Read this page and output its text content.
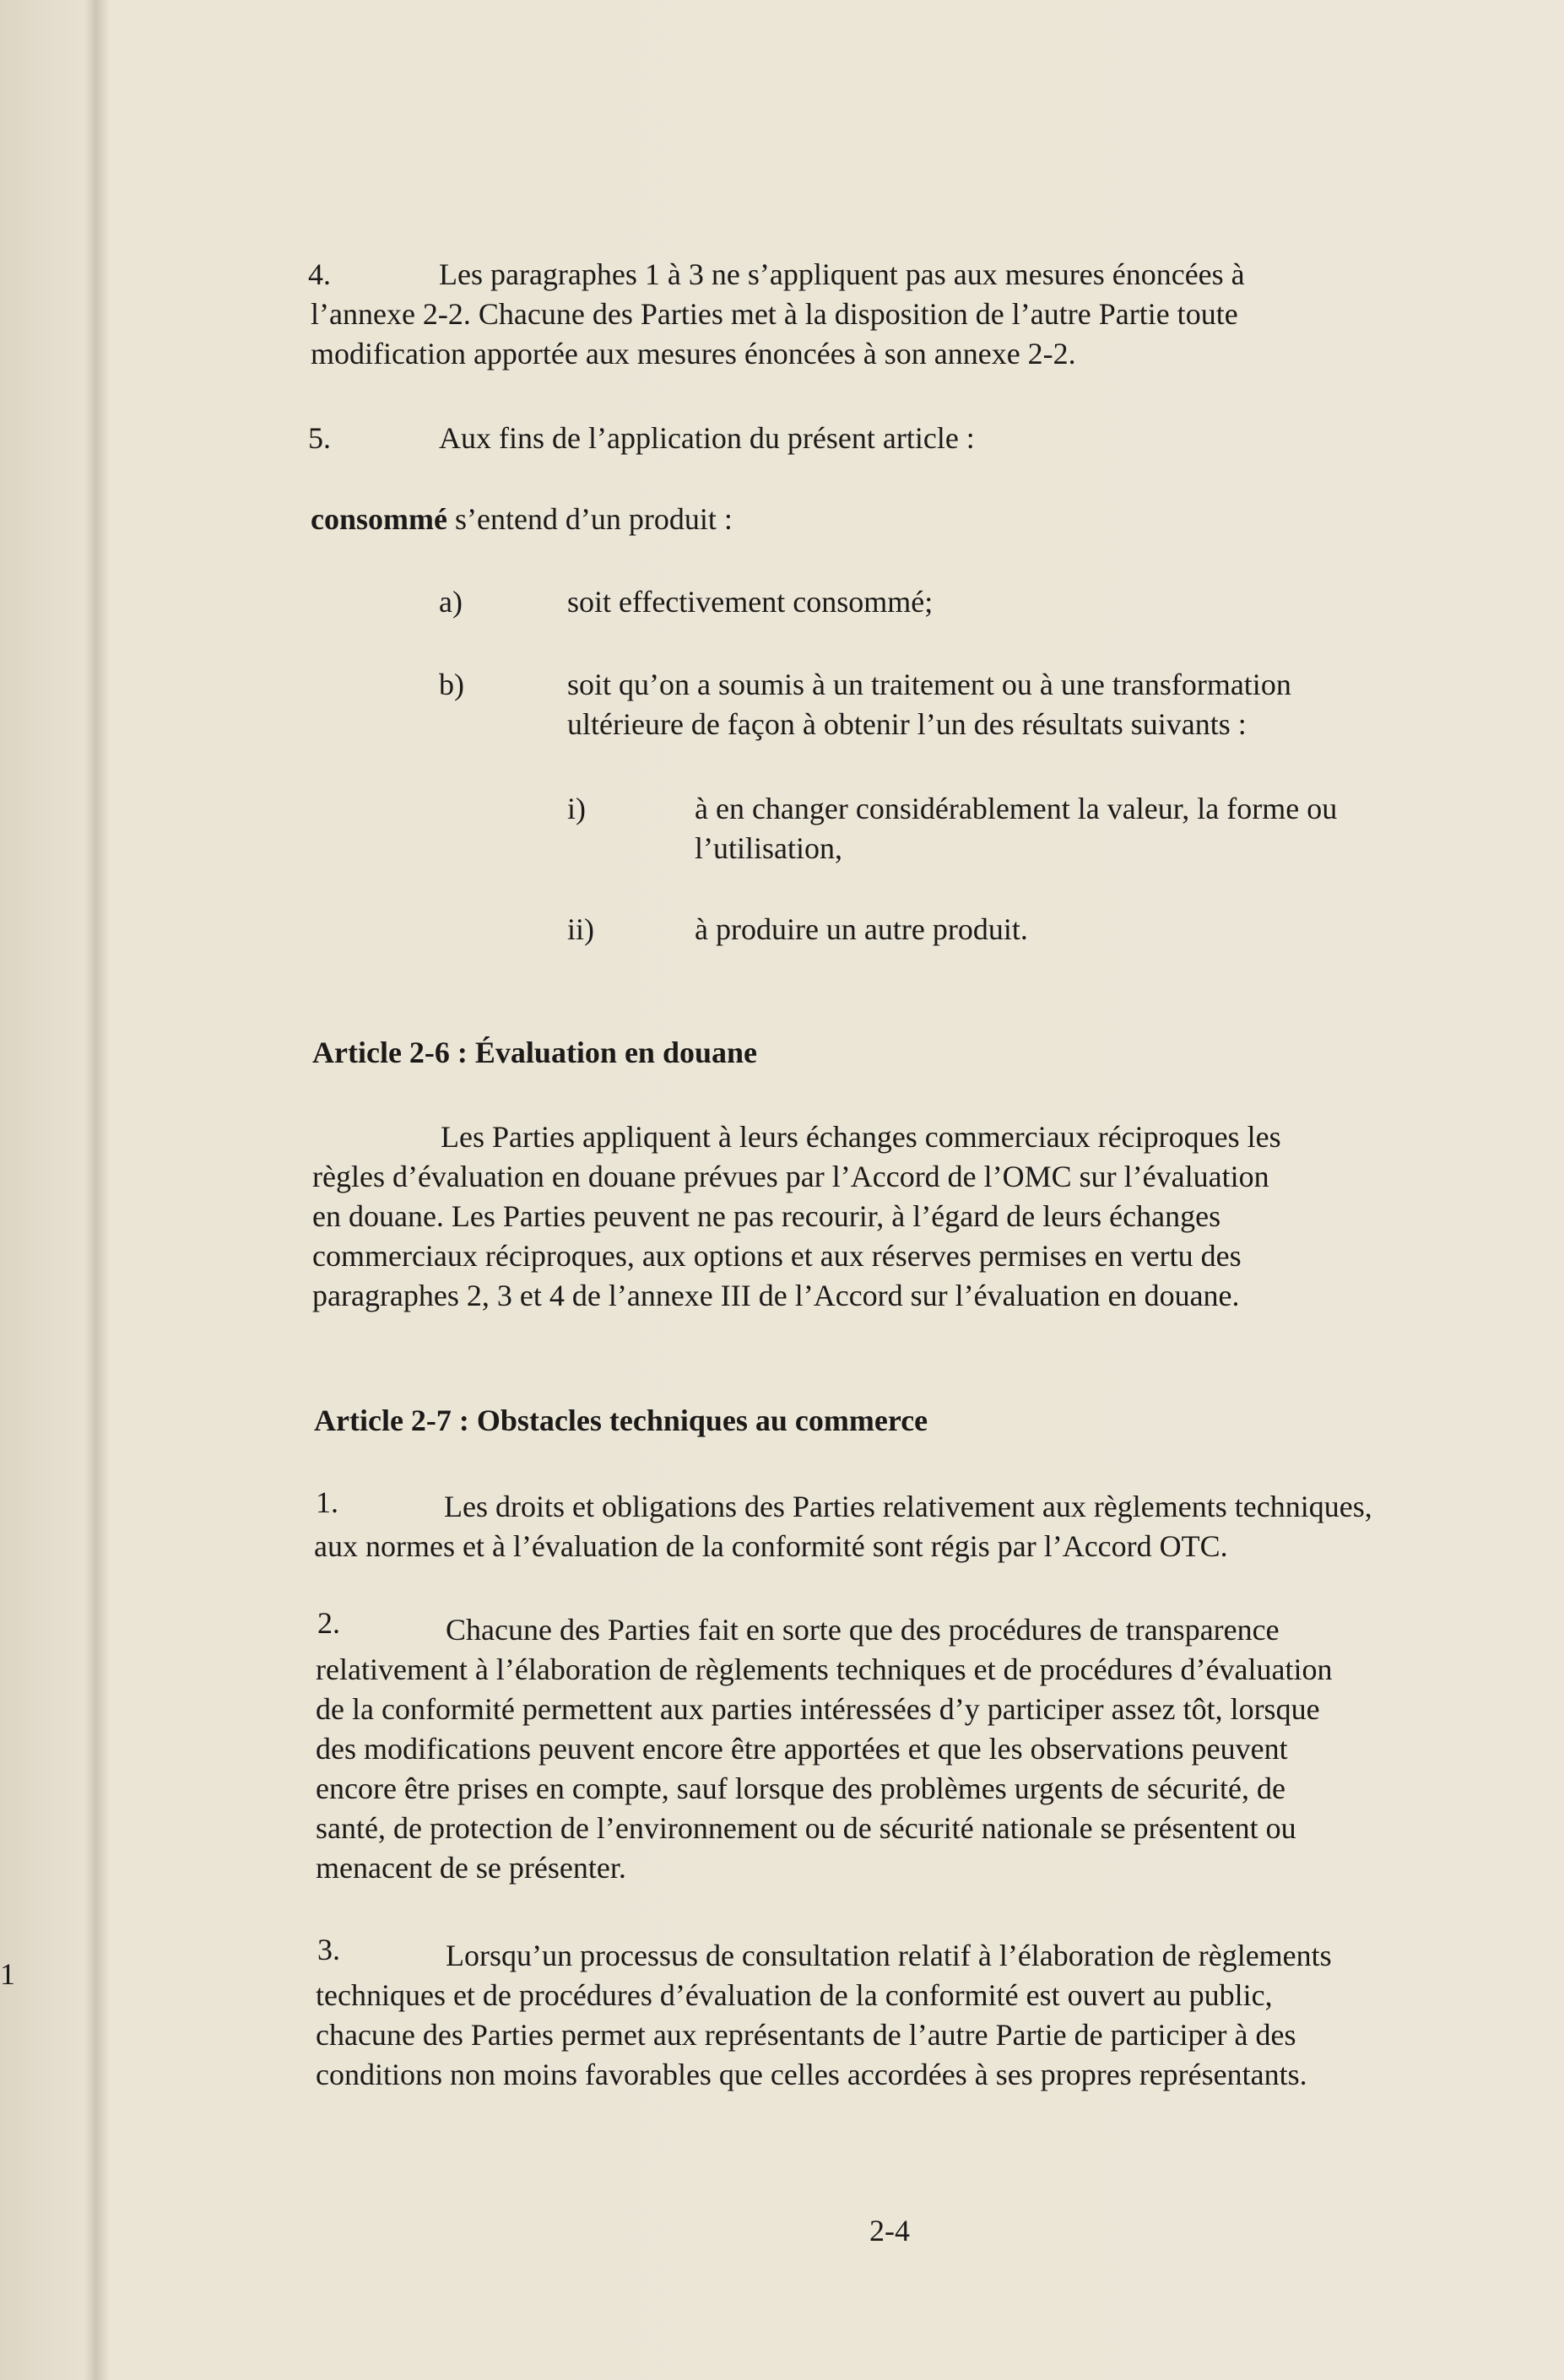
1
4.	Les paragraphes 1 à 3 ne s’appliquent pas aux mesures énoncées à
l’annexe 2-2. Chacune des Parties met à la disposition de l’autre Partie toute
modification apportée aux mesures énoncées à son annexe 2-2.
5.	Aux fins de l’application du présent article :
consommé s’entend d’un produit :
a)	soit effectivement consommé;
b)	soit qu’on a soumis à un traitement ou à une transformation
ultérieure de façon à obtenir l’un des résultats suivants :
i)	à en changer considérablement la valeur, la forme ou
l’utilisation,
ii)	à produire un autre produit.
Article 2-6 : Évaluation en douane
Les Parties appliquent à leurs échanges commerciaux réciproques les
règles d’évaluation en douane prévues par l’Accord de l’OMC sur l’évaluation
en douane. Les Parties peuvent ne pas recourir, à l’égard de leurs échanges
commerciaux réciproques, aux options et aux réserves permises en vertu des
paragraphes 2, 3 et 4 de l’annexe III de l’Accord sur l’évaluation en douane.
Article 2-7 : Obstacles techniques au commerce
1.	Les droits et obligations des Parties relativement aux règlements techniques,
aux normes et à l’évaluation de la conformité sont régis par l’Accord OTC.
2.	Chacune des Parties fait en sorte que des procédures de transparence
relativement à l’élaboration de règlements techniques et de procédures d’évaluation
de la conformité permettent aux parties intéressées d’y participer assez tôt, lorsque
des modifications peuvent encore être apportées et que les observations peuvent
encore être prises en compte, sauf lorsque des problèmes urgents de sécurité, de
santé, de protection de l’environnement ou de sécurité nationale se présentent ou
menacent de se présenter.
3.	Lorsqu’un processus de consultation relatif à l’élaboration de règlements
techniques et de procédures d’évaluation de la conformité est ouvert au public,
chacune des Parties permet aux représentants de l’autre Partie de participer à des
conditions non moins favorables que celles accordées à ses propres représentants.
2-4
